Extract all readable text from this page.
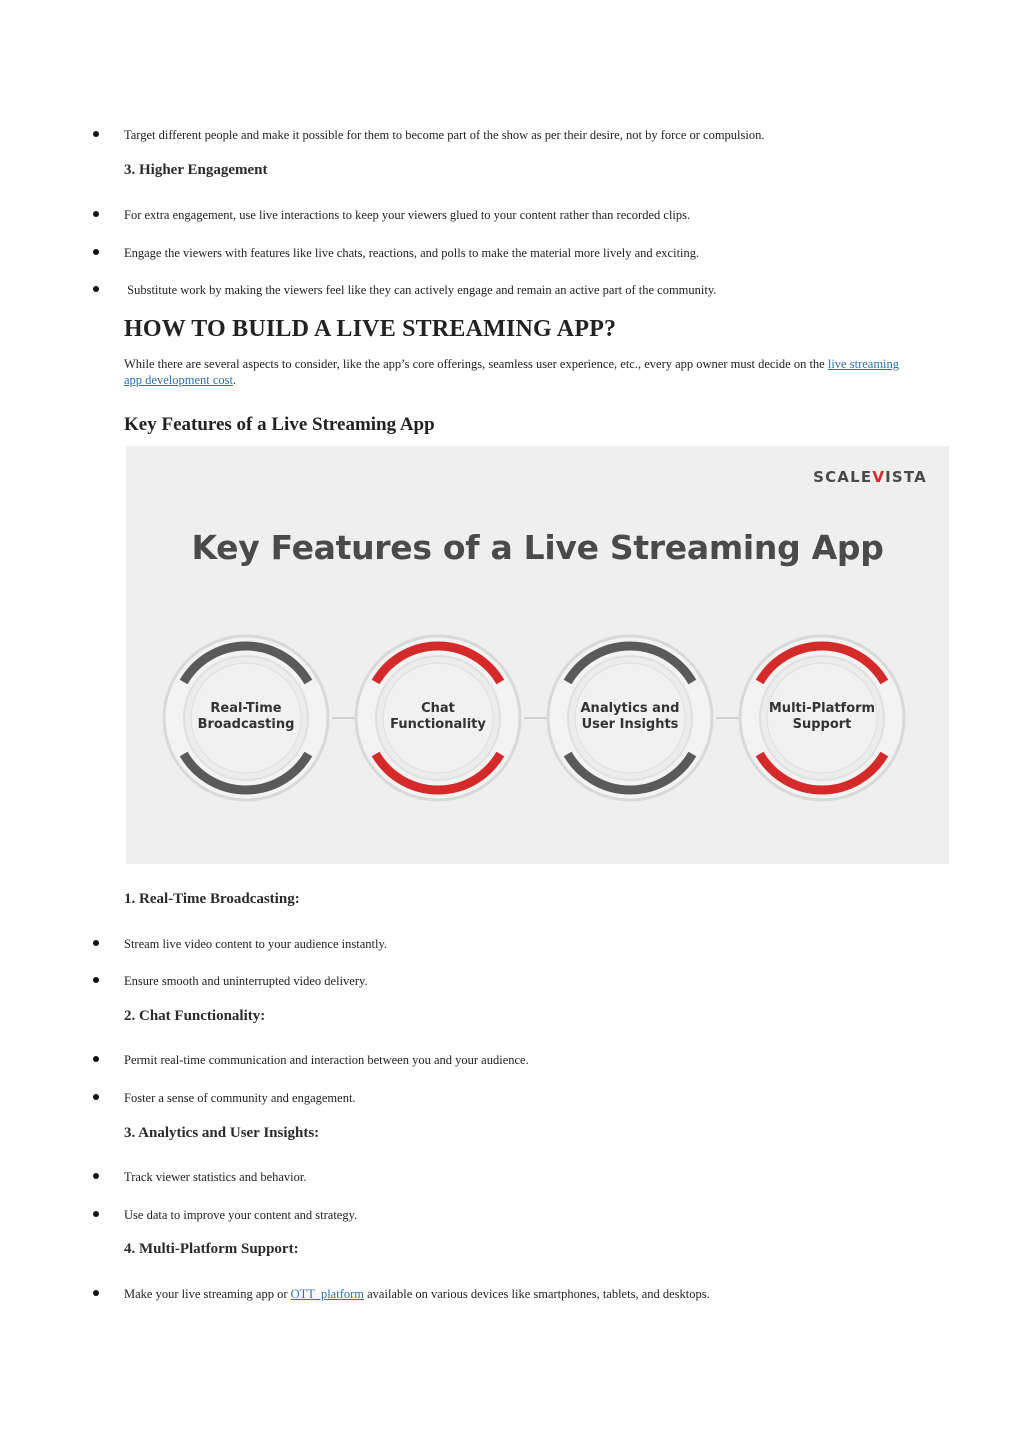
Target different people and make it possible for them to become part of the show as per their desire, not by force or compulsion.
3. Higher Engagement
For extra engagement, use live interactions to keep your viewers glued to your content rather than recorded clips.
Engage the viewers with features like live chats, reactions, and polls to make the material more lively and exciting.
Substitute work by making the viewers feel like they can actively engage and remain an active part of the community.
HOW TO BUILD A LIVE STREAMING APP?
While there are several aspects to consider, like the app’s core offerings, seamless user experience, etc., every app owner must decide on the live streaming app development cost.
Key Features of a Live Streaming App
SCALEVISTA
Key Features of a Live Streaming App
Real-Time
Broadcasting
Chat
Functionality
Analytics and
User Insights
Multi-Platform
Support
1. Real-Time Broadcasting:
Stream live video content to your audience instantly.
Ensure smooth and uninterrupted video delivery.
2. Chat Functionality:
Permit real-time communication and interaction between you and your audience.
Foster a sense of community and engagement.
3. Analytics and User Insights:
Track viewer statistics and behavior.
Use data to improve your content and strategy.
4. Multi-Platform Support:
Make your live streaming app or OTT  platform available on various devices like smartphones, tablets, and desktops.
